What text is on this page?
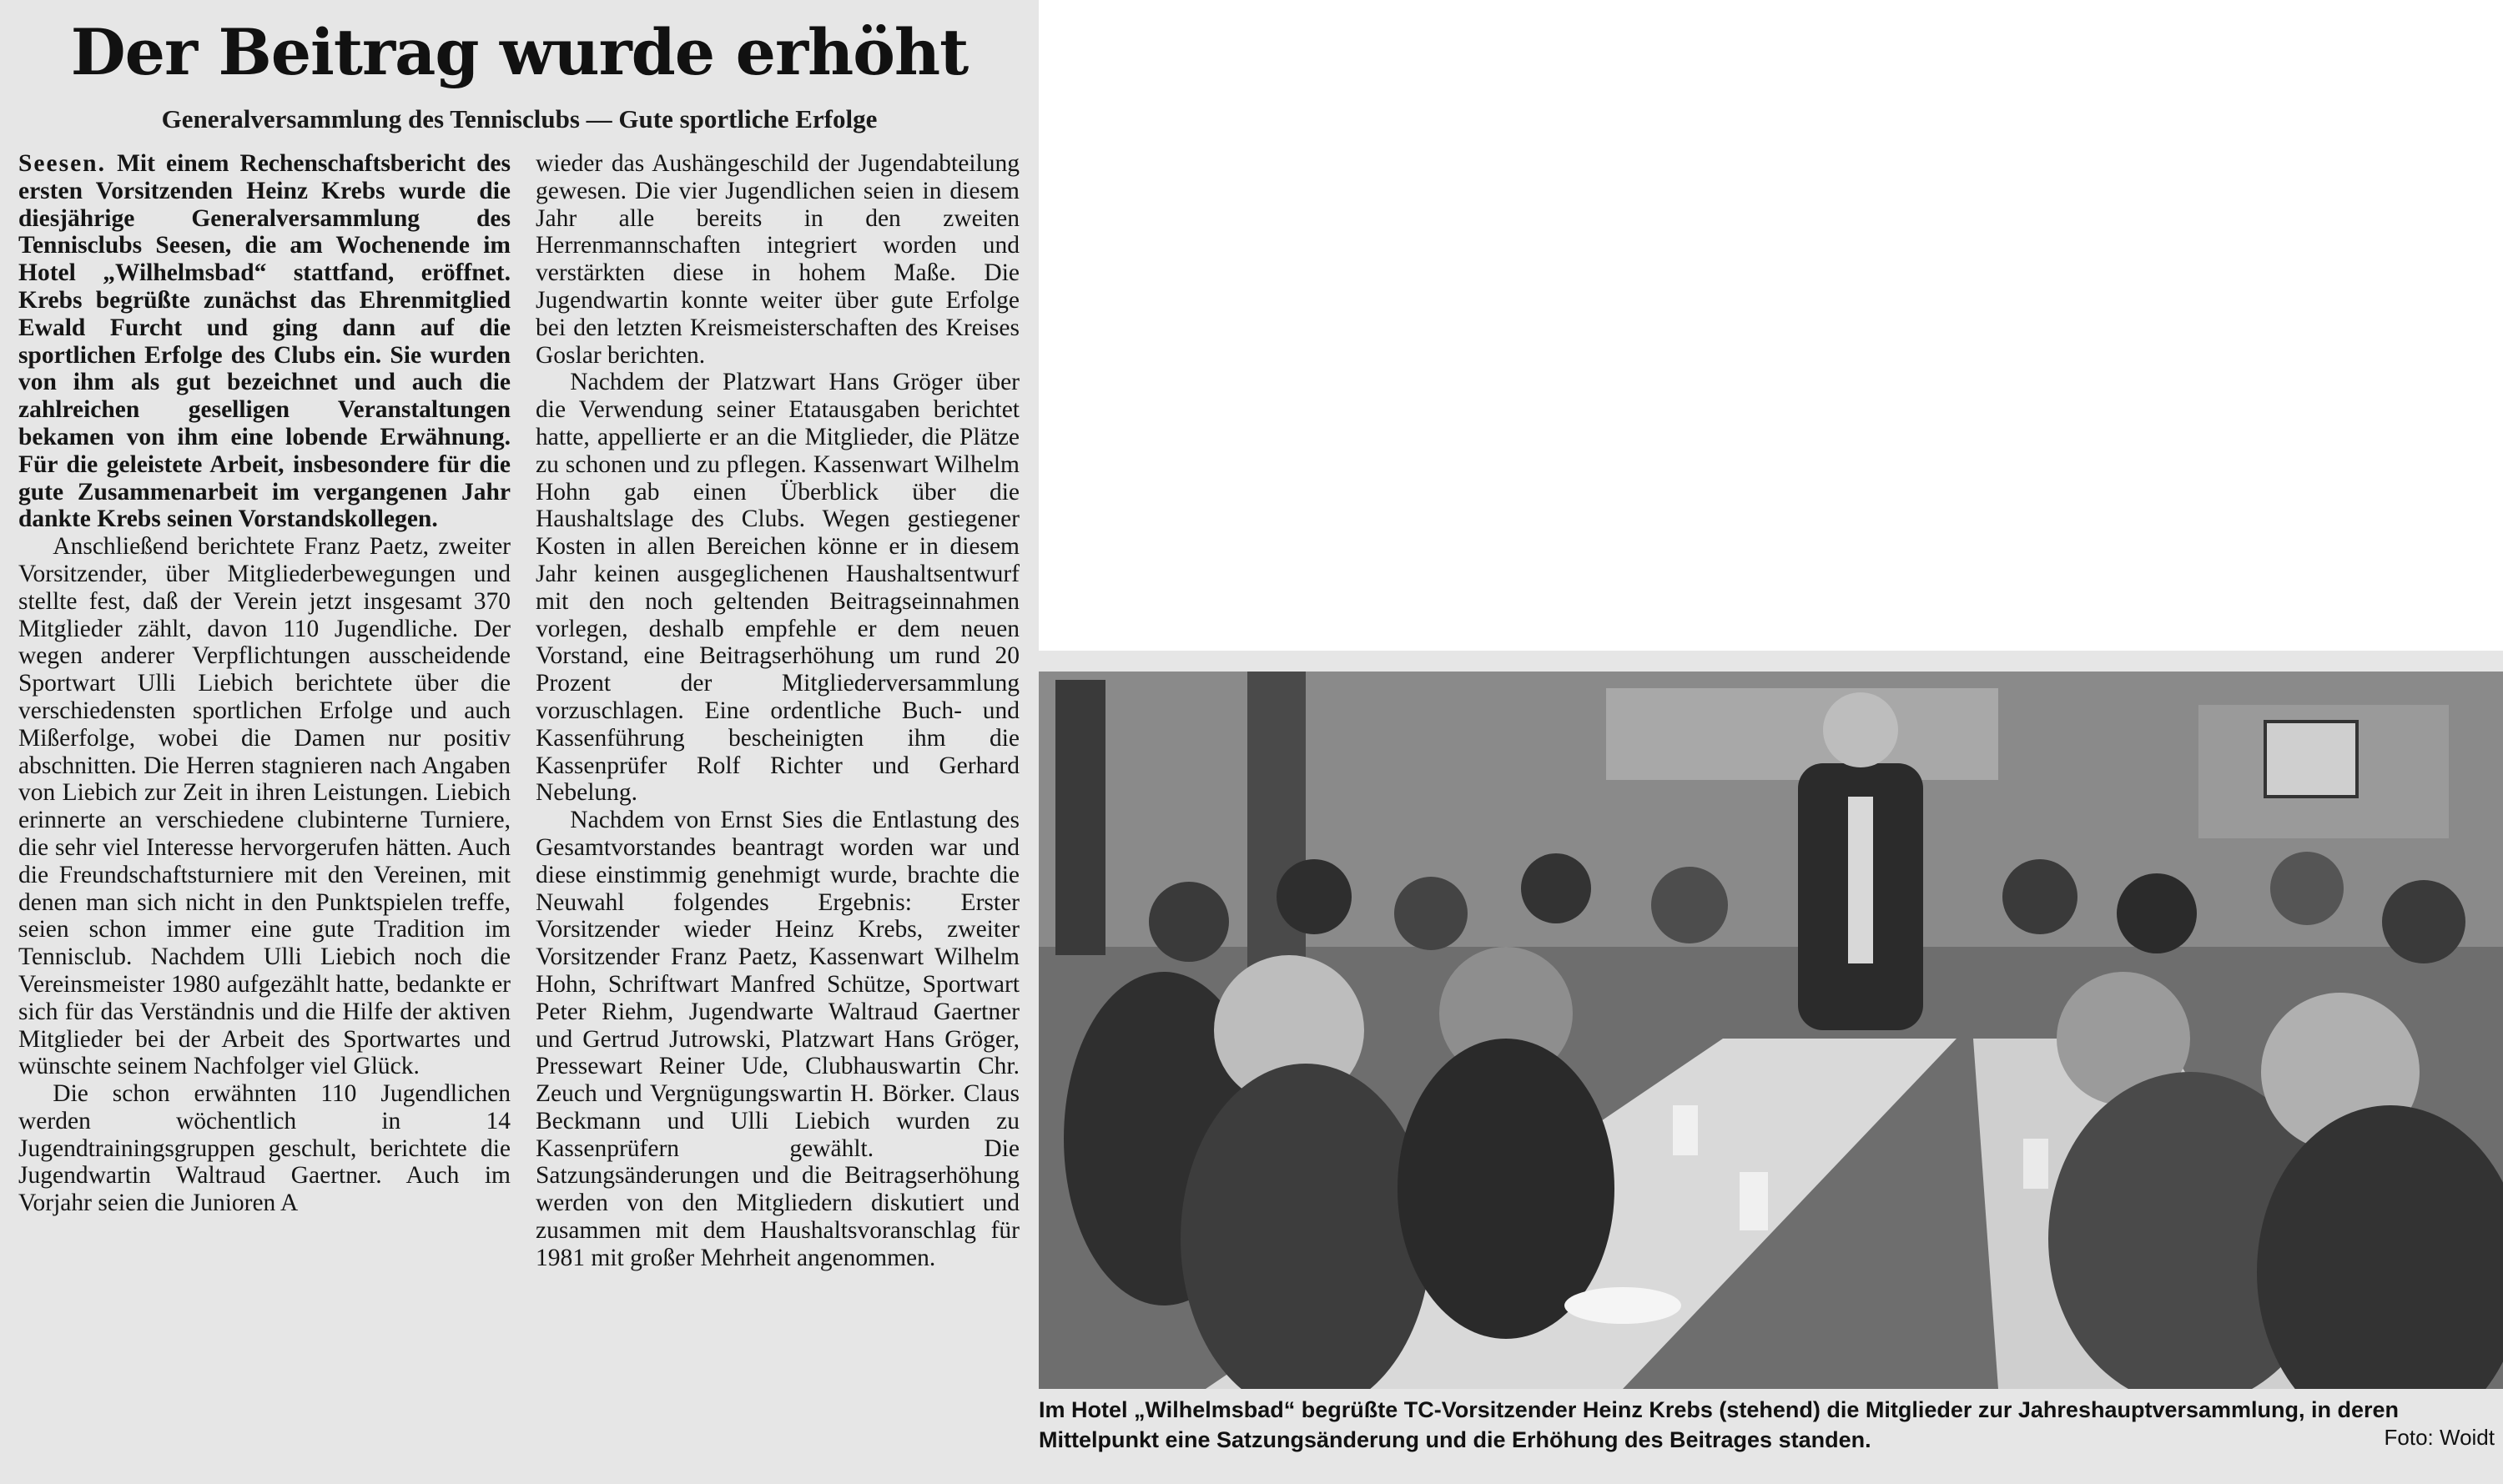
Der Beitrag wurde erhöht
Generalversammlung des Tennisclubs — Gute sportliche Erfolge

Seesen. Mit einem Rechenschaftsbericht des ersten Vorsitzenden Heinz Krebs wurde die diesjährige Generalversammlung des Tennisclubs Seesen, die am Wochenende im Hotel „Wilhelmsbad“ stattfand, eröffnet. Krebs begrüßte zunächst das Ehrenmitglied Ewald Furcht und ging dann auf die sportlichen Erfolge des Clubs ein. Sie wurden von ihm als gut bezeichnet und auch die zahlreichen geselligen Veranstaltungen bekamen von ihm eine lobende Erwähnung. Für die geleistete Arbeit, insbesondere für die gute Zusammenarbeit im vergangenen Jahr dankte Krebs seinen Vorstandskollegen.

Anschließend berichtete Franz Paetz, zweiter Vorsitzender, über Mitgliederbewegungen und stellte fest, daß der Verein jetzt insgesamt 370 Mitglieder zählt, davon 110 Jugendliche. Der wegen anderer Verpflichtungen ausscheidende Sportwart Ulli Liebich berichtete über die verschiedensten sportlichen Erfolge und auch Mißerfolge, wobei die Damen nur positiv abschnitten. Die Herren stagnieren nach Angaben von Liebich zur Zeit in ihren Leistungen. Liebich erinnerte an verschiedene clubinterne Turniere, die sehr viel Interesse hervorgerufen hätten. Auch die Freundschaftsturniere mit den Vereinen, mit denen man sich nicht in den Punktspielen treffe, seien schon immer eine gute Tradition im Tennisclub. Nachdem Ulli Liebich noch die Vereinsmeister 1980 aufgezählt hatte, bedankte er sich für das Verständnis und die Hilfe der aktiven Mitglieder bei der Arbeit des Sportwartes und wünschte seinem Nachfolger viel Glück.

Die schon erwähnten 110 Jugendlichen werden wöchentlich in 14 Jugendtrainingsgruppen geschult, berichtete die Jugendwartin Waltraud Gaertner. Auch im Vorjahr seien die Junioren A

wieder das Aushängeschild der Jugendabteilung gewesen. Die vier Jugendlichen seien in diesem Jahr alle bereits in den zweiten Herrenmannschaften integriert worden und verstärkten diese in hohem Maße. Die Jugendwartin konnte weiter über gute Erfolge bei den letzten Kreismeisterschaften des Kreises Goslar berichten.

Nachdem der Platzwart Hans Gröger über die Verwendung seiner Etatausgaben berichtet hatte, appellierte er an die Mitglieder, die Plätze zu schonen und zu pflegen. Kassenwart Wilhelm Hohn gab einen Überblick über die Haushaltslage des Clubs. Wegen gestiegener Kosten in allen Bereichen könne er in diesem Jahr keinen ausgeglichenen Haushaltsentwurf mit den noch geltenden Beitragseinnahmen vorlegen, deshalb empfehle er dem neuen Vorstand, eine Beitragserhöhung um rund 20 Prozent der Mitgliederversammlung vorzuschlagen. Eine ordentliche Buch- und Kassenführung bescheinigten ihm die Kassenprüfer Rolf Richter und Gerhard Nebelung.

Nachdem von Ernst Sies die Entlastung des Gesamtvorstandes beantragt worden war und diese einstimmig genehmigt wurde, brachte die Neuwahl folgendes Ergebnis: Erster Vorsitzender wieder Heinz Krebs, zweiter Vorsitzender Franz Paetz, Kassenwart Wilhelm Hohn, Schriftwart Manfred Schütze, Sportwart Peter Riehm, Jugendwarte Waltraud Gaertner und Gertrud Jutrowski, Platzwart Hans Gröger, Pressewart Reiner Ude, Clubhauswartin Chr. Zeuch und Vergnügungswartin H. Börker. Claus Beckmann und Ulli Liebich wurden zu Kassenprüfern gewählt. Die Satzungsänderungen und die Beitragserhöhung werden von den Mitgliedern diskutiert und zusammen mit dem Haushaltsvoranschlag für 1981 mit großer Mehrheit angenommen.

Im Hotel „Wilhelmsbad“ begrüßte TC-Vorsitzender Heinz Krebs (stehend) die Mitglieder zur Jahreshauptversammlung, in deren Mittelpunkt eine Satzungsänderung und die Erhöhung des Beitrages standen.	Foto: Woidt
